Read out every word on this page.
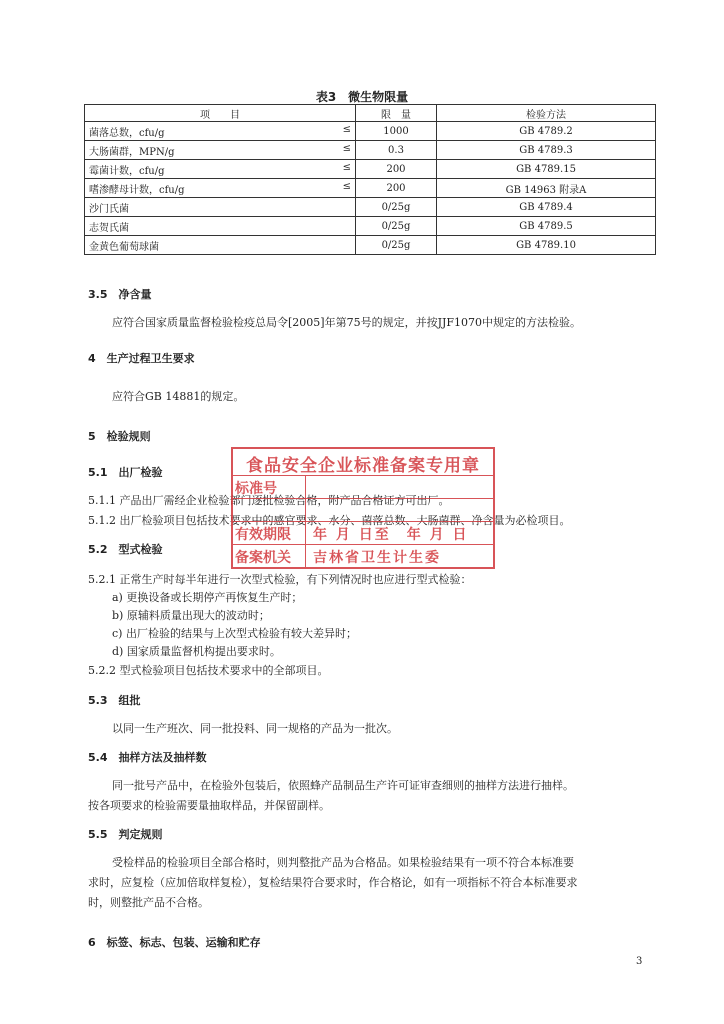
表3　微生物限量
项　　目	限　量	检验方法
菌落总数，cfu/g ≤	1000	GB 4789.2
大肠菌群，MPN/g ≤	0.3	GB 4789.3
霉菌计数，cfu/g ≤	200	GB 4789.15
嗜渗酵母计数，cfu/g ≤	200	GB 14963 附录A
沙门氏菌	0/25g	GB 4789.4
志贺氏菌	0/25g	GB 4789.5
金黄色葡萄球菌	0/25g	GB 4789.10
3.5　净含量
应符合国家质量监督检验检疫总局令[2005]年第75号的规定，并按JJF1070中规定的方法检验。
4　生产过程卫生要求
应符合GB 14881的规定。
5　检验规则
5.1　出厂检验
5.1.1 产品出厂需经企业检验部门逐批检验合格，附产品合格证方可出厂。
5.1.2 出厂检验项目包括技术要求中的感官要求、水分、菌落总数、大肠菌群、净含量为必检项目。
5.2　型式检验
5.2.1 正常生产时每半年进行一次型式检验，有下列情况时也应进行型式检验：
a) 更换设备或长期停产再恢复生产时；
b) 原辅料质量出现大的波动时；
c) 出厂检验的结果与上次型式检验有较大差异时；
d) 国家质量监督机构提出要求时。
5.2.2 型式检验项目包括技术要求中的全部项目。
5.3　组批
以同一生产班次、同一批投料、同一规格的产品为一批次。
5.4　抽样方法及抽样数
同一批号产品中，在检验外包装后，依照蜂产品制品生产许可证审查细则的抽样方法进行抽样。
按各项要求的检验需要量抽取样品，并保留副样。
5.5　判定规则
受检样品的检验项目全部合格时，则判整批产品为合格品。如果检验结果有一项不符合本标准要
求时，应复检（应加倍取样复检），复检结果符合要求时，作合格论，如有一项指标不符合本标准要求
时，则整批产品不合格。
6　标签、标志、包装、运输和贮存
食品安全企业标准备案专用章
标准号
有效期限 年 月 日至　年 月 日
备案机关 吉林省卫生计生委
3
